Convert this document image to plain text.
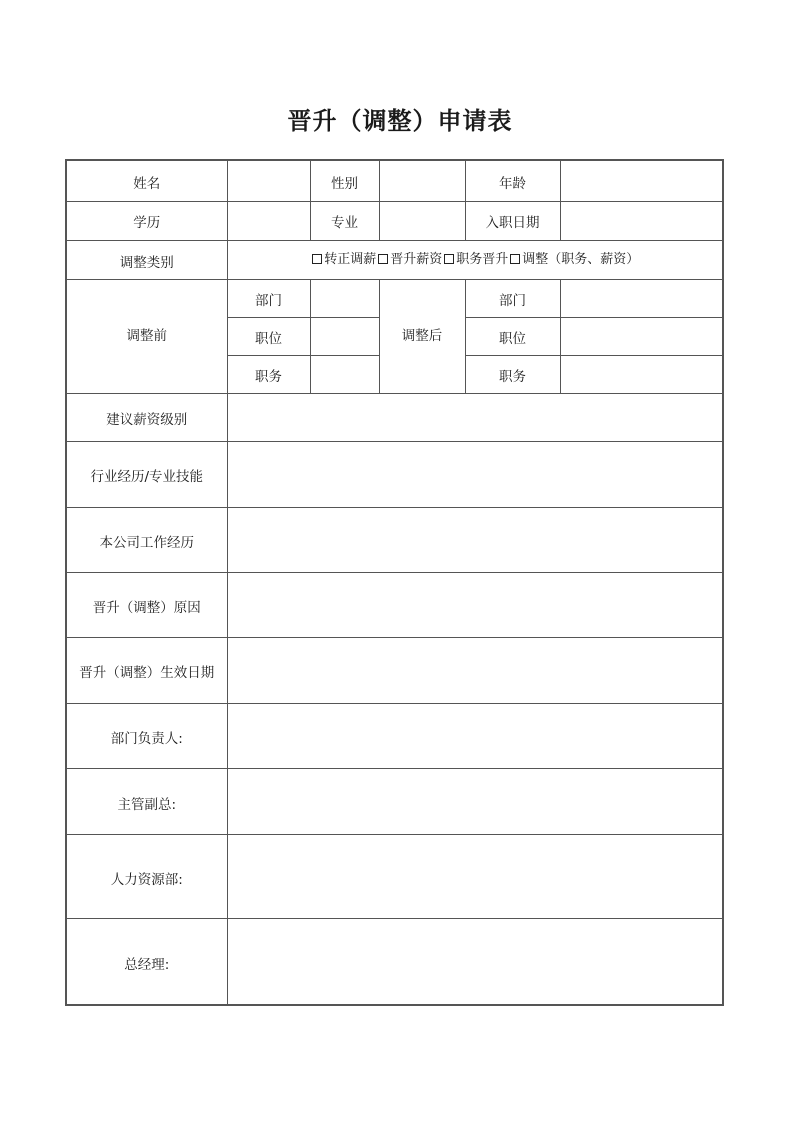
晋升（调整）申请表
姓名		性别		年龄	
学历		专业		入职日期	
调整类别	转正调薪 晋升薪资 职务晋升 调整（职务、薪资）				
调整前	部门		调整后	部门	
	职位			职位	
	职务			职务	
建议薪资级别					
行业经历/专业技能					
本公司工作经历					
晋升（调整）原因					
晋升（调整）生效日期					
部门负责人:					
主管副总:					
人力资源部:					
总经理:					
